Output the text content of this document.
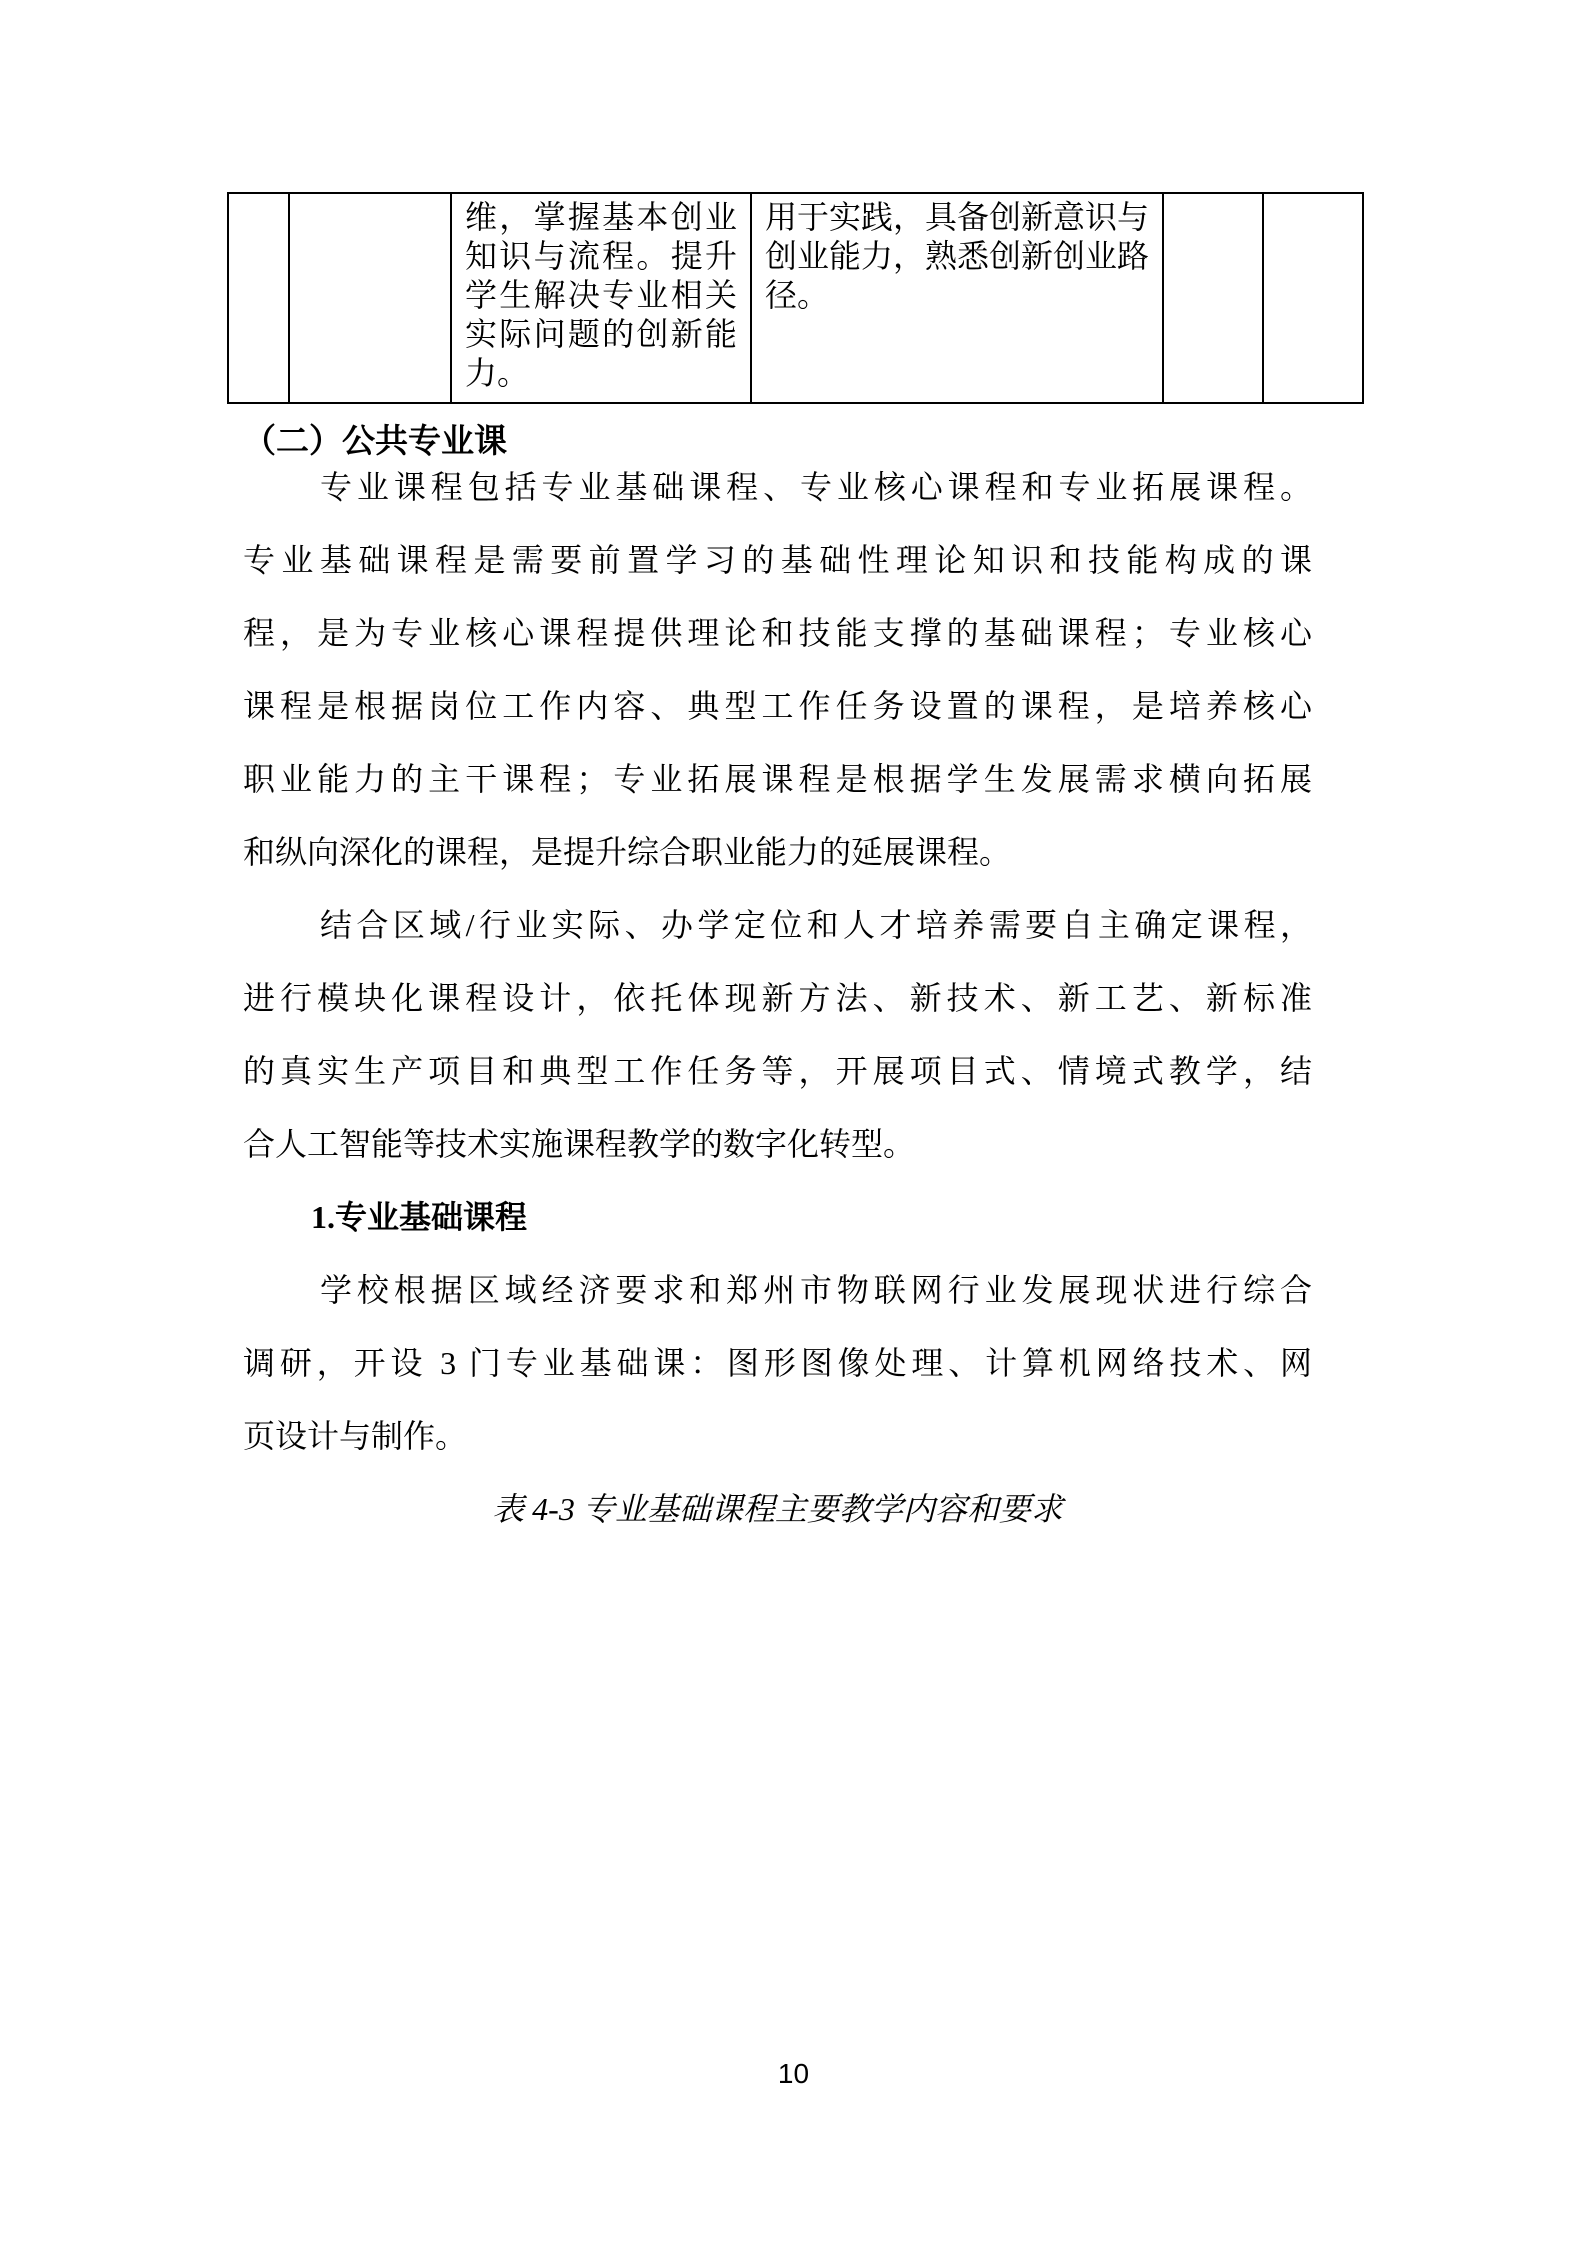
维，掌握基本创业
知识与流程。提升
学生解决专业相关
实际问题的创新能
力。

用于实践，具备创新意识与
创业能力，熟悉创新创业路
径。

（二）公共专业课
专业课程包括专业基础课程、专业核心课程和专业拓展课程。
专业基础课程是需要前置学习的基础性理论知识和技能构成的课
程，是为专业核心课程提供理论和技能支撑的基础课程；专业核心
课程是根据岗位工作内容、典型工作任务设置的课程，是培养核心
职业能力的主干课程；专业拓展课程是根据学生发展需求横向拓展
和纵向深化的课程，是提升综合职业能力的延展课程。
结合区域/行业实际、办学定位和人才培养需要自主确定课程，
进行模块化课程设计，依托体现新方法、新技术、新工艺、新标准
的真实生产项目和典型工作任务等，开展项目式、情境式教学，结
合人工智能等技术实施课程教学的数字化转型。
1.专业基础课程
学校根据区域经济要求和郑州市物联网行业发展现状进行综合
调研，开设 3 门专业基础课：图形图像处理、计算机网络技术、网
页设计与制作。
表 4-3 专业基础课程主要教学内容和要求
10
